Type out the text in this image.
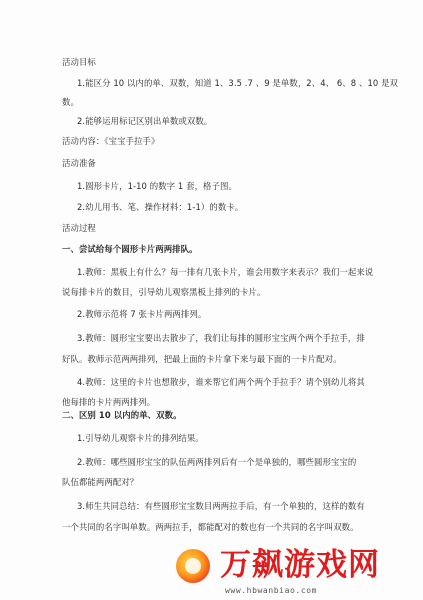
活动目标
1.能区分 10 以内的单、双数，知道 1、3.5 .7 、9 是单数，2、4、 6、8 、10 是双
数。
2.能够运用标记区别出单数或双数。
活动内容：《宝宝手拉手》
活动准备
1.圆形卡片，1-10 的数字 1 套，格子图。
2.幼儿用书、笔、操作材料：1-1）的数卡。
活动过程
一、尝试给每个圆形卡片两两排队。
1.教师：黑板上有什么？每一排有几张卡片，谁会用数字来表示？我们一起来说
说每排卡片的数目，引导幼儿观察黑板上排列的卡片。
2.教师示范将 7 张卡片两两排列。
3.教师：圆形宝宝要出去散步了，我们让每排的圆形宝宝两个两个手拉手，排
好队。教师示范两两排列，把最上面的卡片拿下来与最下面的一卡片配对。
4.教师：这里的卡片也想散步，谁来帮它们两个两个手拉手？请个别幼儿将其
他每排的卡片两两排列。
二、区别 10 以内的单、双数。
1.引导幼儿观察卡片的排列结果。
2.教师：哪些圆形宝宝的队伍两两排列后有一个是单独的，哪些圆形宝宝的
队伍都能两两配对？
3.师生共同总结：有些圆形宝宝数目两两拉手后，有一个单独的，这样的数有
一个共同的名字叫单数。两两拉手，都能配对的数也有一个共同的名字叫双数。
万飙游戏网
www.hbwanbiao.com
